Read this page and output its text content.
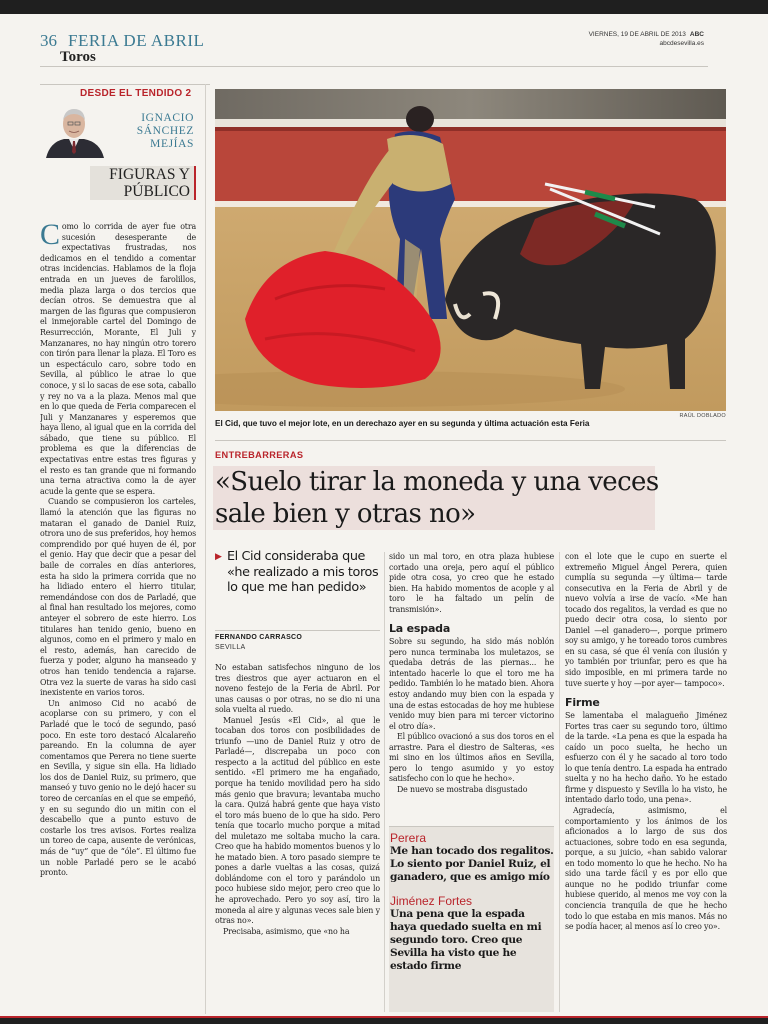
36 FERIA DE ABRIL
Toros
VIERNES, 19 DE ABRIL DE 2013 ABC
abcdesevilla.es
DESDE EL TENDIDO 2
IGNACIO
SÁNCHEZ
MEJÍAS
FIGURAS Y
PÚBLICO

Como lo corrida de ayer fue otra sucesión desesperante de expectativas frustradas, nos dedicamos en el tendido a comentar otras incidencias. Hablamos de la floja entrada en un jueves de farolillos, media plaza larga o dos tercios que decían otros. Se demuestra que al margen de las figuras que compusieron el inmejorable cartel del Domingo de Resurrección, Morante, El Juli y Manzanares, no hay ningún otro torero con tirón para llenar la plaza. El Toro es un espectáculo caro, sobre todo en Sevilla, al público le atrae lo que conoce, y si lo sacas de ese sota, caballo y rey no va a la plaza. Menos mal que en lo que queda de Feria comparecen el Juli y Manzanares y esperemos que haya lleno, al igual que en la corrida del sábado, que tiene su público. El problema es que la diferencias de expectativas entre estas tres figuras y el resto es tan grande que ni formando una terna atractiva como la de ayer acude la gente que se espera.

Cuando se compusieron los carteles, llamó la atención que las figuras no mataran el ganado de Daniel Ruiz, otrora uno de sus preferidos, hoy hemos comprendido por qué huyen de él, por el genio. Hay que decir que a pesar del baile de corrales en días anteriores, esta ha sido la primera corrida que no ha lidiado entero el hierro titular, remendándose con dos de Parladé, que al final han resultado los mejores, como anteyer el sobrero de este hierro. Los titulares han tenido genio, bueno en algunos, como en el primero y malo en el resto, además, han carecido de fuerza y poder, alguno ha manseado y otros han tenido tendencia a rajarse. Otra vez la suerte de varas ha sido casi inexistente en varios toros.

Un animoso Cid no acabó de acoplarse con su primero, y con el Parladé que le tocó de segundo, pasó poco. En este toro destacó Alcalareño pareando. En la columna de ayer comentamos que Perera no tiene suerte en Sevilla, y sigue sin ella. Ha lidiado los dos de Daniel Ruiz, su primero, que manseó y tuvo genio no le dejó hacer su toreo de cercanías en el que se empeñó, y en su segundo dio un mitin con el descabello que a punto estuvo de costarle los tres avisos. Fortes realiza un toreo de capa, ausente de verónicas, más de “uy” que de “óle”. El último fue un noble Parladé pero se le acabó pronto.

RAÚL DOBLADO
El Cid, que tuvo el mejor lote, en un derechazo ayer en su segunda y última actuación esta Feria
ENTREBARRERAS
«Suelo tirar la moneda y una veces sale bien y otras no»
▶ El Cid consideraba que «he realizado a mis toros lo que me han pedido»
FERNANDO CARRASCO
SEVILLA

No estaban satisfechos ninguno de los tres diestros que ayer actuaron en el noveno festejo de la Feria de Abril. Por unas causas o por otras, no se dio ni una sola vuelta al ruedo.

Manuel Jesús «El Cid», al que le tocaban dos toros con posibilidades de triunfo —uno de Daniel Ruiz y otro de Parladé—, discrepaba un poco con respecto a la actitud del público en este sentido. «El primero me ha engañado, porque ha tenido movilidad pero ha sido más genio que bravura; levantaba mucho la cara. Quizá habrá gente que haya visto el toro más bueno de lo que ha sido. Pero tenía que tocarlo mucho porque a mitad del muletazo me soltaba mucho la cara. Creo que ha habido momentos buenos y lo he matado bien. A toro pasado siempre te pones a darle vueltas a las cosas, quizá doblándome con el toro y parándolo un poco hubiese sido mejor, pero creo que lo he aprovechado. Pero yo soy así, tiro la moneda al aire y algunas veces sale bien y otras no».

Precisaba, asimismo, que «no ha

sido un mal toro, en otra plaza hubiese cortado una oreja, pero aquí el público pide otra cosa, yo creo que he estado bien. Ha habido momentos de acople y al toro le ha faltado un pelín de transmisión».

La espada

Sobre su segundo, ha sido más noblón pero nunca terminaba los muletazos, se quedaba detrás de las piernas... he intentado hacerle lo que el toro me ha pedido. También lo he matado bien. Ahora estoy andando muy bien con la espada y una de estas estocadas de hoy me hubiese venido muy bien para mi tercer victorino el otro día».

El público ovacionó a sus dos toros en el arrastre. Para el diestro de Salteras, «es mi sino en los últimos años en Sevilla, pero lo tengo asumido y yo estoy satisfecho con lo que he hecho».

De nuevo se mostraba disgustado

Perera
Me han tocado dos regalitos. Lo siento por Daniel Ruiz, el ganadero, que es amigo mío
Jiménez Fortes
Una pena que la espada haya quedado suelta en mi segundo toro. Creo que Sevilla ha visto que he estado firme

con el lote que le cupo en suerte el extremeño Miguel Ángel Perera, quien cumplía su segunda —y última— tarde consecutiva en la Feria de Abril y de nuevo volvía a irse de vacío. «Me han tocado dos regalitos, la verdad es que no puedo decir otra cosa, lo siento por Daniel —el ganadero—, porque primero soy su amigo, y he toreado toros cumbres en su casa, sé que él venía con ilusión y yo también por triunfar, pero es que ha sido imposible, en mi primera tarde no tuve suerte y hoy —por ayer— tampoco».

Firme

Se lamentaba el malagueño Jiménez Fortes tras caer su segundo toro, último de la tarde. «La pena es que la espada ha caído un poco suelta, he hecho un esfuerzo con él y he sacado al toro todo lo que tenía dentro. La espada ha entrado suelta y no ha hecho daño. Yo he estado firme y dispuesto y Sevilla lo ha visto, he intentado darlo todo, una pena».

Agradecía, asimismo, el comportamiento y los ánimos de los aficionados a lo largo de sus dos actuaciones, sobre todo en esa segunda, porque, a su juicio, «han sabido valorar en todo momento lo que he hecho. No ha sido una tarde fácil y es por ello que aunque no he podido triunfar come hubiese querido, al menos me voy con la conciencia tranquila de que he hecho todo lo que estaba en mis manos. Más no se podía hacer, al menos así lo creo yo».
